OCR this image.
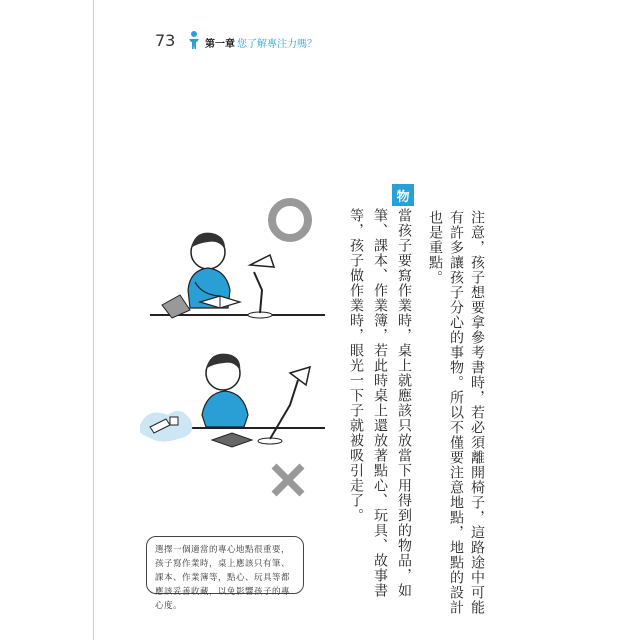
73	第一章 您了解專注力嗎？
注意，孩子想要拿參考書時，若必須離開椅子，這路途中可能
有許多讓孩子分心的事物。所以不僅要注意地點，地點的設計
也是重點。
物
當孩子要寫作業時，桌上就應該只放當下用得到的物品，如
筆、課本、作業簿，若此時桌上還放著點心、玩具、故事書
等，孩子做作業時，眼光一下子就被吸引走了。
選擇一個適當的專心地點很重要，孩子寫作業時，桌上應該只有筆、課本、作業簿等，點心、玩具等都應該妥善收藏，以免影響孩子的專心度。
